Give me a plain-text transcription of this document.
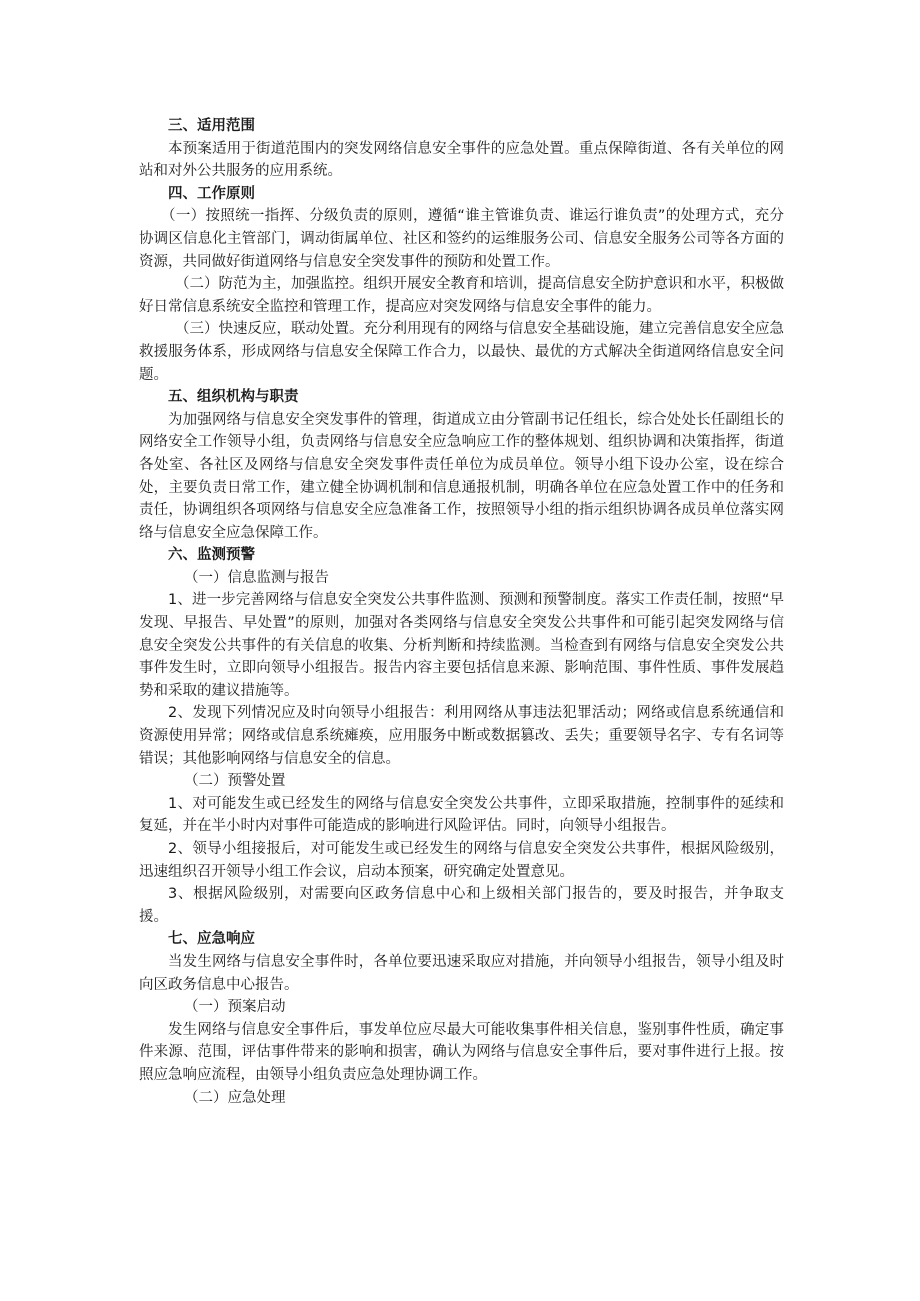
三、适用范围

本预案适用于街道范围内的突发网络信息安全事件的应急处置。重点保障街道、各有关单位的网站和对外公共服务的应用系统。

四、工作原则

（一）按照统一指挥、分级负责的原则，遵循“谁主管谁负责、谁运行谁负责”的处理方式，充分协调区信息化主管部门，调动街属单位、社区和签约的运维服务公司、信息安全服务公司等各方面的资源，共同做好街道网络与信息安全突发事件的预防和处置工作。

（二）防范为主，加强监控。组织开展安全教育和培训，提高信息安全防护意识和水平，积极做好日常信息系统安全监控和管理工作，提高应对突发网络与信息安全事件的能力。

（三）快速反应，联动处置。充分利用现有的网络与信息安全基础设施，建立完善信息安全应急救援服务体系，形成网络与信息安全保障工作合力，以最快、最优的方式解决全街道网络信息安全问题。

五、组织机构与职责

为加强网络与信息安全突发事件的管理，街道成立由分管副书记任组长，综合处处长任副组长的网络安全工作领导小组，负责网络与信息安全应急响应工作的整体规划、组织协调和决策指挥，街道各处室、各社区及网络与信息安全突发事件责任单位为成员单位。领导小组下设办公室，设在综合处，主要负责日常工作，建立健全协调机制和信息通报机制，明确各单位在应急处置工作中的任务和责任，协调组织各项网络与信息安全应急准备工作，按照领导小组的指示组织协调各成员单位落实网络与信息安全应急保障工作。

六、监测预警

（一）信息监测与报告

1、进一步完善网络与信息安全突发公共事件监测、预测和预警制度。落实工作责任制，按照“早发现、早报告、早处置”的原则，加强对各类网络与信息安全突发公共事件和可能引起突发网络与信息安全突发公共事件的有关信息的收集、分析判断和持续监测。当检查到有网络与信息安全突发公共事件发生时，立即向领导小组报告。报告内容主要包括信息来源、影响范围、事件性质、事件发展趋势和采取的建议措施等。

2、发现下列情况应及时向领导小组报告：利用网络从事违法犯罪活动；网络或信息系统通信和资源使用异常；网络或信息系统瘫痪，应用服务中断或数据篡改、丢失；重要领导名字、专有名词等错误；其他影响网络与信息安全的信息。

（二）预警处置

1、对可能发生或已经发生的网络与信息安全突发公共事件，立即采取措施，控制事件的延续和复延，并在半小时内对事件可能造成的影响进行风险评估。同时，向领导小组报告。

2、领导小组接报后，对可能发生或已经发生的网络与信息安全突发公共事件，根据风险级别，迅速组织召开领导小组工作会议，启动本预案，研究确定处置意见。

3、根据风险级别，对需要向区政务信息中心和上级相关部门报告的，要及时报告，并争取支援。

七、应急响应

当发生网络与信息安全事件时，各单位要迅速采取应对措施，并向领导小组报告，领导小组及时向区政务信息中心报告。

（一）预案启动

发生网络与信息安全事件后，事发单位应尽最大可能收集事件相关信息，鉴别事件性质，确定事件来源、范围，评估事件带来的影响和损害，确认为网络与信息安全事件后，要对事件进行上报。按照应急响应流程，由领导小组负责应急处理协调工作。

（二）应急处理
